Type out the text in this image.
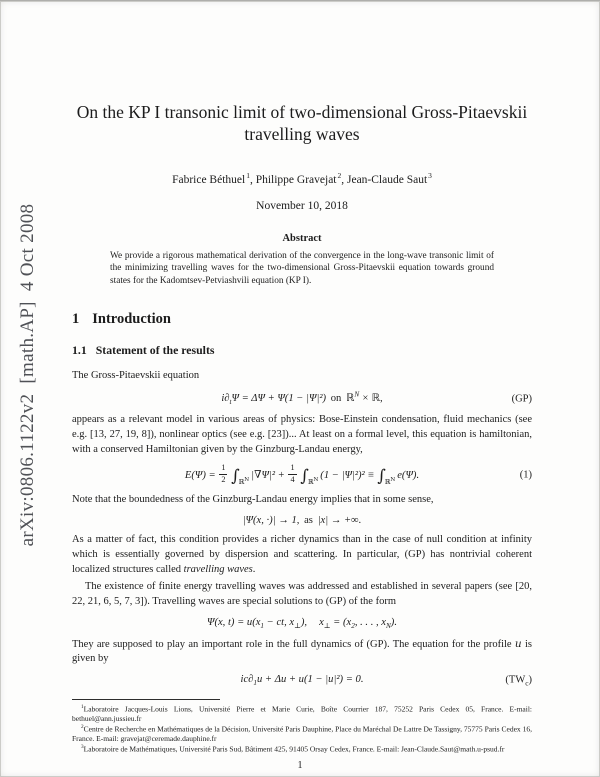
arXiv:0806.1122v2  [math.AP]  4 Oct 2008
On the KP I transonic limit of two-dimensional Gross-Pitaevskii travelling waves
Fabrice Béthuel$^1$, Philippe Gravejat$^2$, Jean-Claude Saut$^3$
November 10, 2018
Abstract

We provide a rigorous mathematical derivation of the convergence in the long-wave transonic limit of the minimizing travelling waves for the two-dimensional Gross-Pitaevskii equation towards ground states for the Kadomtsev-Petviashvili equation (KP I).

1 Introduction
1.1 Statement of the results

The Gross-Pitaevskii equation

$i\partial_t\Psi = \Delta\Psi + \Psi(1 - |\Psi|^2)$ on ℝ$^N$ × ℝ,	(GP)

appears as a relevant model in various areas of physics: Bose-Einstein condensation, fluid mechanics (see e.g. [13, 27, 19, 8]), nonlinear optics (see e.g. [23])... At least on a formal level, this equation is hamiltonian, with a conserved Hamiltonian given by the Ginzburg-Landau energy,

$E(\Psi) = \frac{1}{2} \int_{ℝ^N}$ $|\nabla\Psi|^2 + \frac{1}{4} \int_{ℝ^N}$ $(1 - |\Psi|^2)^2 \equiv \int_{ℝ^N}$ e(Ψ).	(1)

Note that the boundedness of the Ginzburg-Landau energy implies that in some sense,

|Ψ(x, ·)| → 1, as |x| → +∞.

As a matter of fact, this condition provides a richer dynamics than in the case of null condition at infinity which is essentially governed by dispersion and scattering. In particular, (GP) has nontrivial coherent localized structures called travelling waves.

The existence of finite energy travelling waves was addressed and established in several papers (see [20, 22, 21, 6, 5, 7, 3]). Travelling waves are special solutions to (GP) of the form

Ψ(x, $t) = u(x_1$ − ct, $x_\perp$), $x_\perp = (x_2$, . . . , $x_N$).

They are supposed to play an important role in the full dynamics of (GP). The equation for the profile u is given by

$ic\partial_1u + \Delta u + u(1 - |u|^2) = 0$.	$(TW_c)$

$^1$Laboratoire Jacques-Louis Lions, Université Pierre et Marie Curie, Boîte Courrier 187, 75252 Paris Cedex 05, France. E-mail: bethuel@ann.jussieu.fr

$^2$Centre de Recherche en Mathématiques de la Décision, Université Paris Dauphine, Place du Maréchal De Lattre De Tassigny, 75775 Paris Cedex 16, France. E-mail: gravejat@ceremade.dauphine.fr

$^3$Laboratoire de Mathématiques, Université Paris Sud, Bâtiment 425, 91405 Orsay Cedex, France. E-mail: Jean-Claude.Saut@math.u-psud.fr

1
